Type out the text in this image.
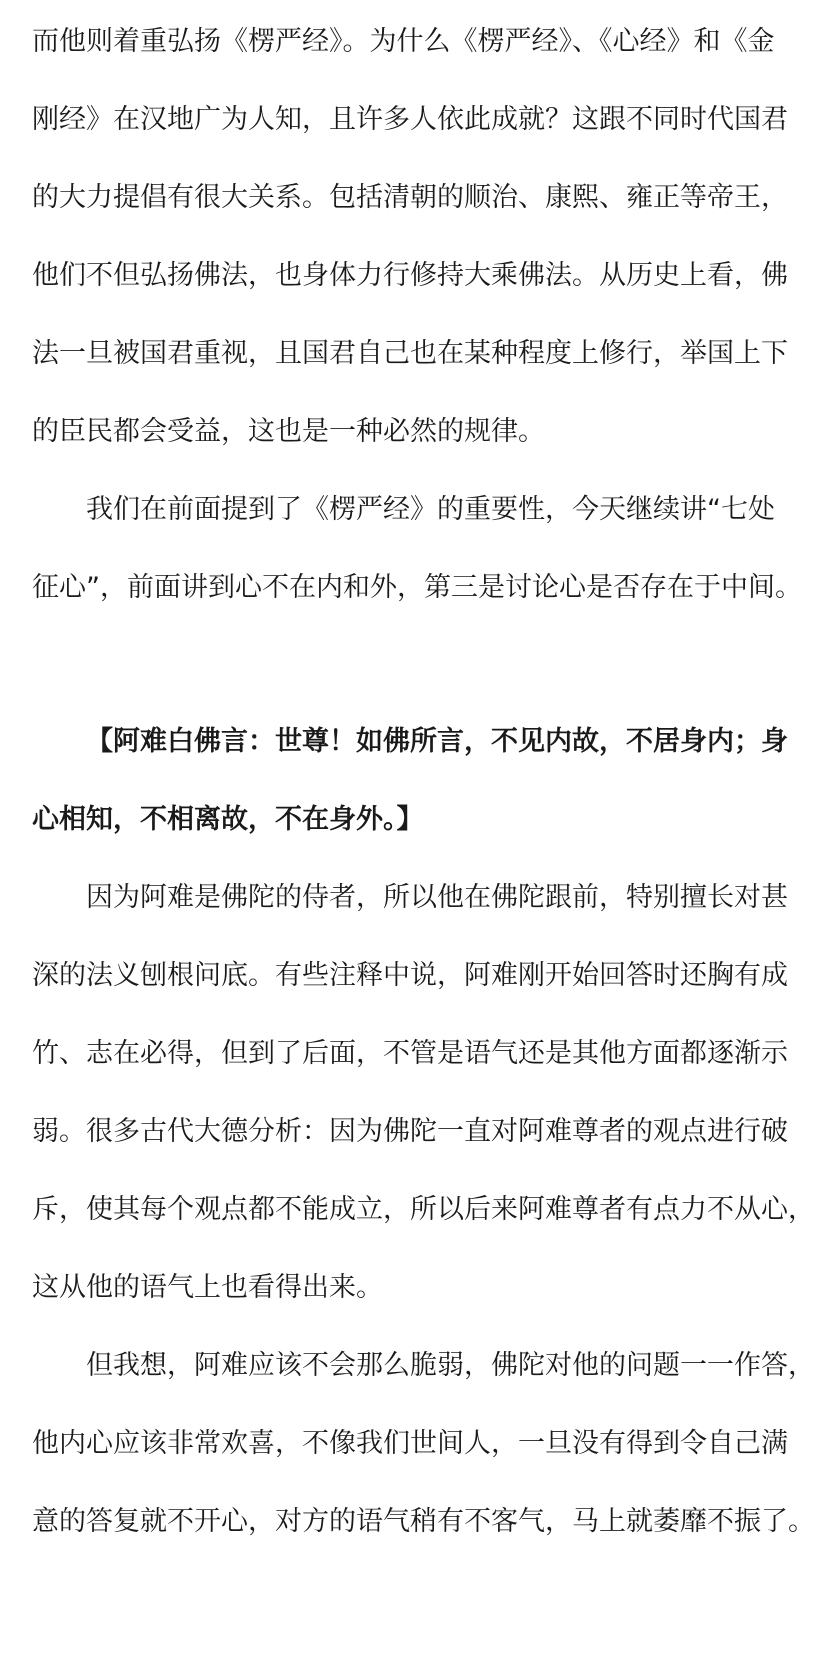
而他则着重弘扬《楞严经》。为什么《楞严经》、《心经》和《金
刚经》在汉地广为人知，且许多人依此成就？这跟不同时代国君
的大力提倡有很大关系。包括清朝的顺治、康熙、雍正等帝王，
他们不但弘扬佛法，也身体力行修持大乘佛法。从历史上看，佛
法一旦被国君重视，且国君自己也在某种程度上修行，举国上下
的臣民都会受益，这也是一种必然的规律。
我们在前面提到了《楞严经》的重要性，今天继续讲“七处
征心”，前面讲到心不在内和外，第三是讨论心是否存在于中间。
【阿难白佛言：世尊！如佛所言，不见内故，不居身内；身
心相知，不相离故，不在身外。】
因为阿难是佛陀的侍者，所以他在佛陀跟前，特别擅长对甚
深的法义刨根问底。有些注释中说，阿难刚开始回答时还胸有成
竹、志在必得，但到了后面，不管是语气还是其他方面都逐渐示
弱。很多古代大德分析：因为佛陀一直对阿难尊者的观点进行破
斥，使其每个观点都不能成立，所以后来阿难尊者有点力不从心，
这从他的语气上也看得出来。
但我想，阿难应该不会那么脆弱，佛陀对他的问题一一作答，
他内心应该非常欢喜，不像我们世间人，一旦没有得到令自己满
意的答复就不开心，对方的语气稍有不客气，马上就萎靡不振了。
